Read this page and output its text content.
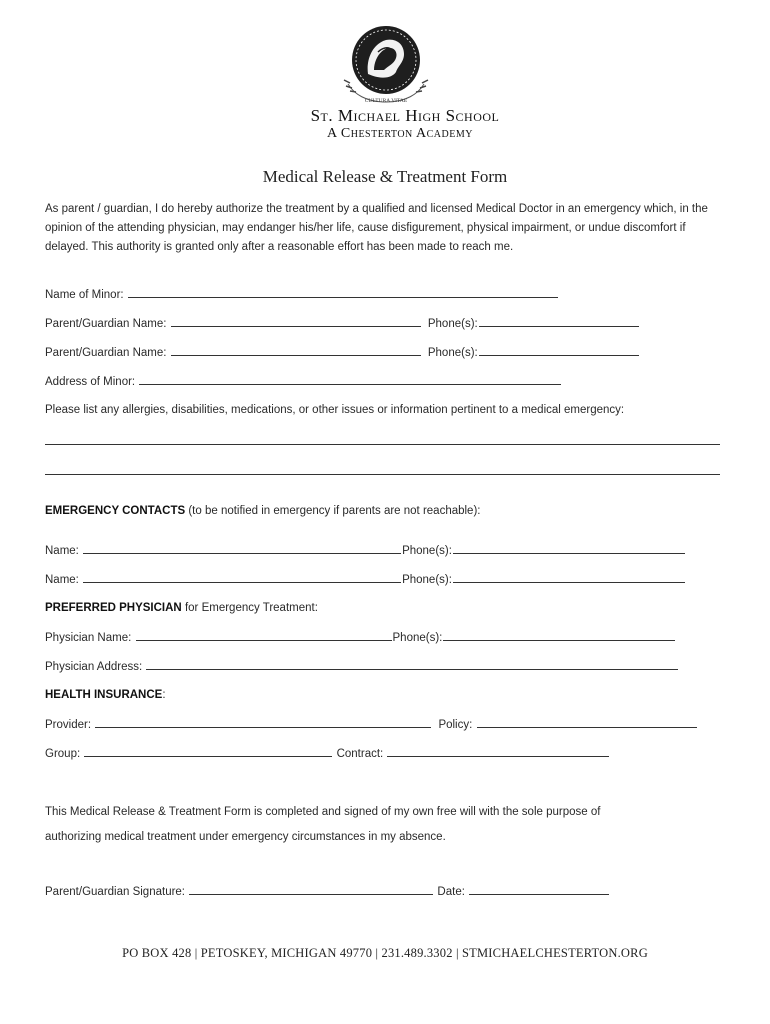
CULTURA VITAE
St. Michael High School
A Chesterton Academy
Medical Release & Treatment Form
As parent / guardian, I do hereby authorize the treatment by a qualified and licensed Medical Doctor in an emergency which, in the opinion of the attending physician, may endanger his/her life, cause disfigurement, physical impairment, or undue discomfort if delayed. This authority is granted only after a reasonable effort has been made to reach me.
Name of Minor:
Parent/Guardian Name:	Phone(s):
Parent/Guardian Name:	Phone(s):
Address of Minor:
Please list any allergies, disabilities, medications, or other issues or information pertinent to a medical emergency:
EMERGENCY CONTACTS (to be notified in emergency if parents are not reachable):
Name:	Phone(s):
Name:	Phone(s):
PREFERRED PHYSICIAN for Emergency Treatment:
Physician Name:	Phone(s):
Physician Address:
HEALTH INSURANCE:
Provider:	Policy:
Group:	Contract:
This Medical Release & Treatment Form is completed and signed of my own free will with the sole purpose of
authorizing medical treatment under emergency circumstances in my absence.
Parent/Guardian Signature:	Date:
PO BOX 428 | PETOSKEY, MICHIGAN 49770 | 231.489.3302 | STMICHAELCHESTERTON.ORG
